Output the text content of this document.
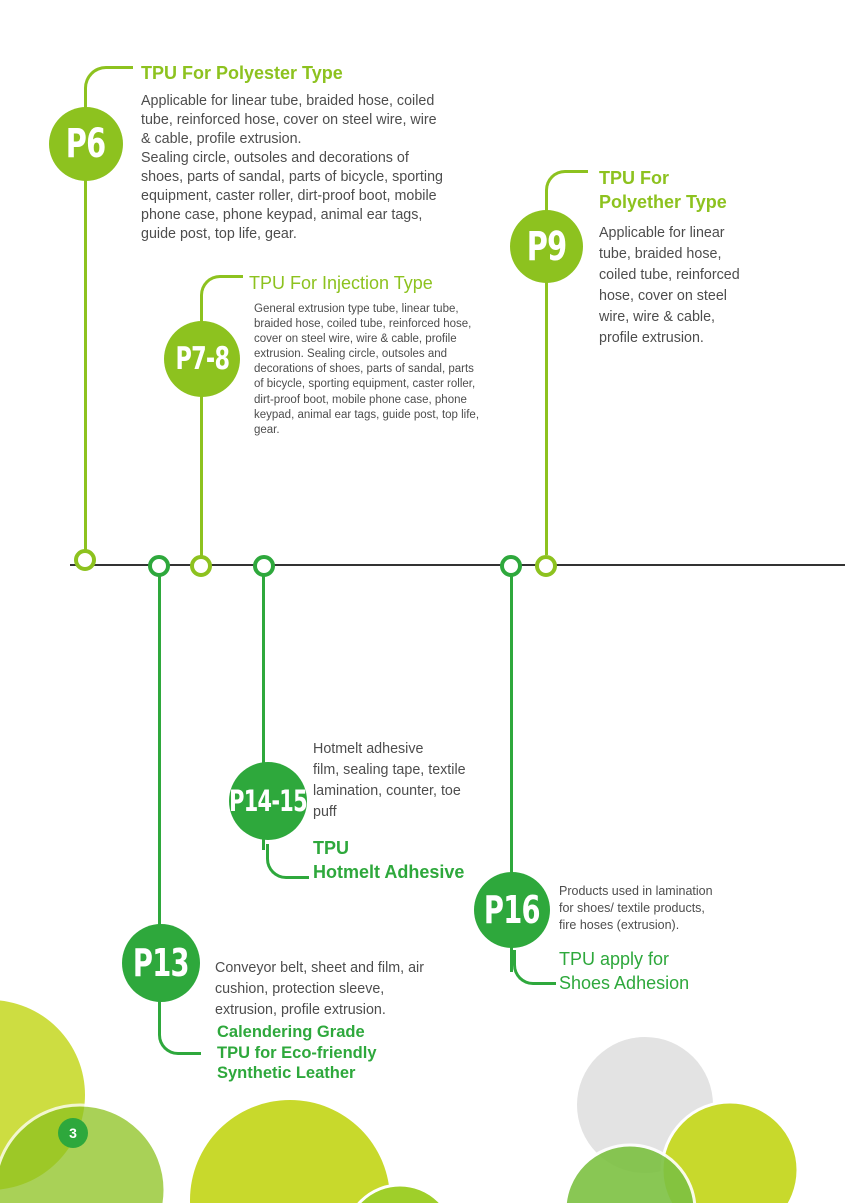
P6
TPU For Polyester Type
Applicable for linear tube, braided hose, coiled
tube, reinforced hose, cover on steel wire, wire
& cable, profile extrusion.
Sealing circle, outsoles and decorations of
shoes, parts of sandal, parts of bicycle, sporting
equipment, caster roller, dirt-proof boot, mobile
phone case, phone keypad, animal ear tags,
guide post, top life, gear.
P7-8
TPU For Injection Type
General extrusion type tube, linear tube,
braided hose, coiled tube, reinforced hose,
cover on steel wire, wire & cable, profile
extrusion. Sealing circle, outsoles and
decorations of shoes, parts of sandal, parts
of bicycle, sporting equipment, caster roller,
dirt-proof boot, mobile phone case, phone
keypad, animal ear tags, guide post, top life,
gear.
P9
TPU For
Polyether Type
Applicable for linear
tube, braided hose,
coiled tube, reinforced
hose, cover on steel
wire, wire & cable,
profile extrusion.
P13 Conveyor belt, sheet and film, air
cushion, protection sleeve,
extrusion, profile extrusion.
Calendering Grade
TPU for Eco-friendly
Synthetic Leather
P14-15
Hotmelt adhesive
film, sealing tape, textile
lamination, counter, toe
puff
TPU
Hotmelt Adhesive
P16 Products used in lamination
for shoes/ textile products,
fire hoses (extrusion).
TPU apply for
Shoes Adhesion
3
